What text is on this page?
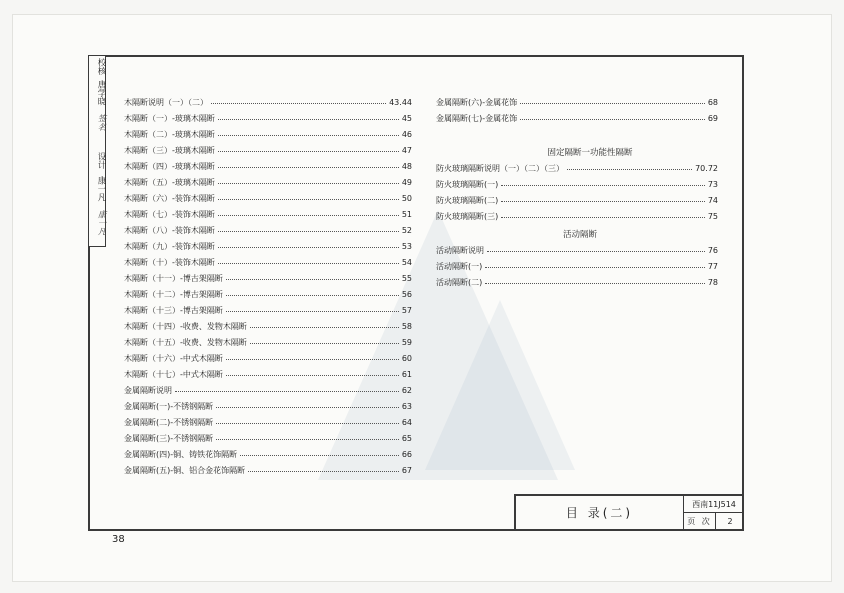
校核
唐学晓
签名
设计
康一凡
康一凡
木隔断说明（一）（二）	43.44
木隔断（一）-玻璃木隔断	45
木隔断（二）-玻璃木隔断	46
木隔断（三）-玻璃木隔断	47
木隔断（四）-玻璃木隔断	48
木隔断（五）-玻璃木隔断	49
木隔断（六）-装饰木隔断	50
木隔断（七）-装饰木隔断	51
木隔断（八）-装饰木隔断	52
木隔断（九）-装饰木隔断	53
木隔断（十）-装饰木隔断	54
木隔断（十一）-博古架隔断	55
木隔断（十二）-博古架隔断	56
木隔断（十三）-博古架隔断	57
木隔断（十四）-收费、发物木隔断	58
木隔断（十五）-收费、发物木隔断	59
木隔断（十六）-中式木隔断	60
木隔断（十七）-中式木隔断	61
金属隔断说明	62
金属隔断(一)-不锈钢隔断	63
金属隔断(二)-不锈钢隔断	64
金属隔断(三)-不锈钢隔断	65
金属隔断(四)-铜、铸铁花饰隔断	66
金属隔断(五)-铜、铝合金花饰隔断	67
金属隔断(六)-金属花饰	68
金属隔断(七)-金属花饰	69
固定隔断一功能性隔断
防火玻璃隔断说明（一）（二）（三）	70.72
防火玻璃隔断(一)	73
防火玻璃隔断(二)	74
防火玻璃隔断(三)	75
活动隔断
活动隔断说明	76
活动隔断(一)	77
活动隔断(二)	78
目 录(二)
西南11J514
页 次	2
38
